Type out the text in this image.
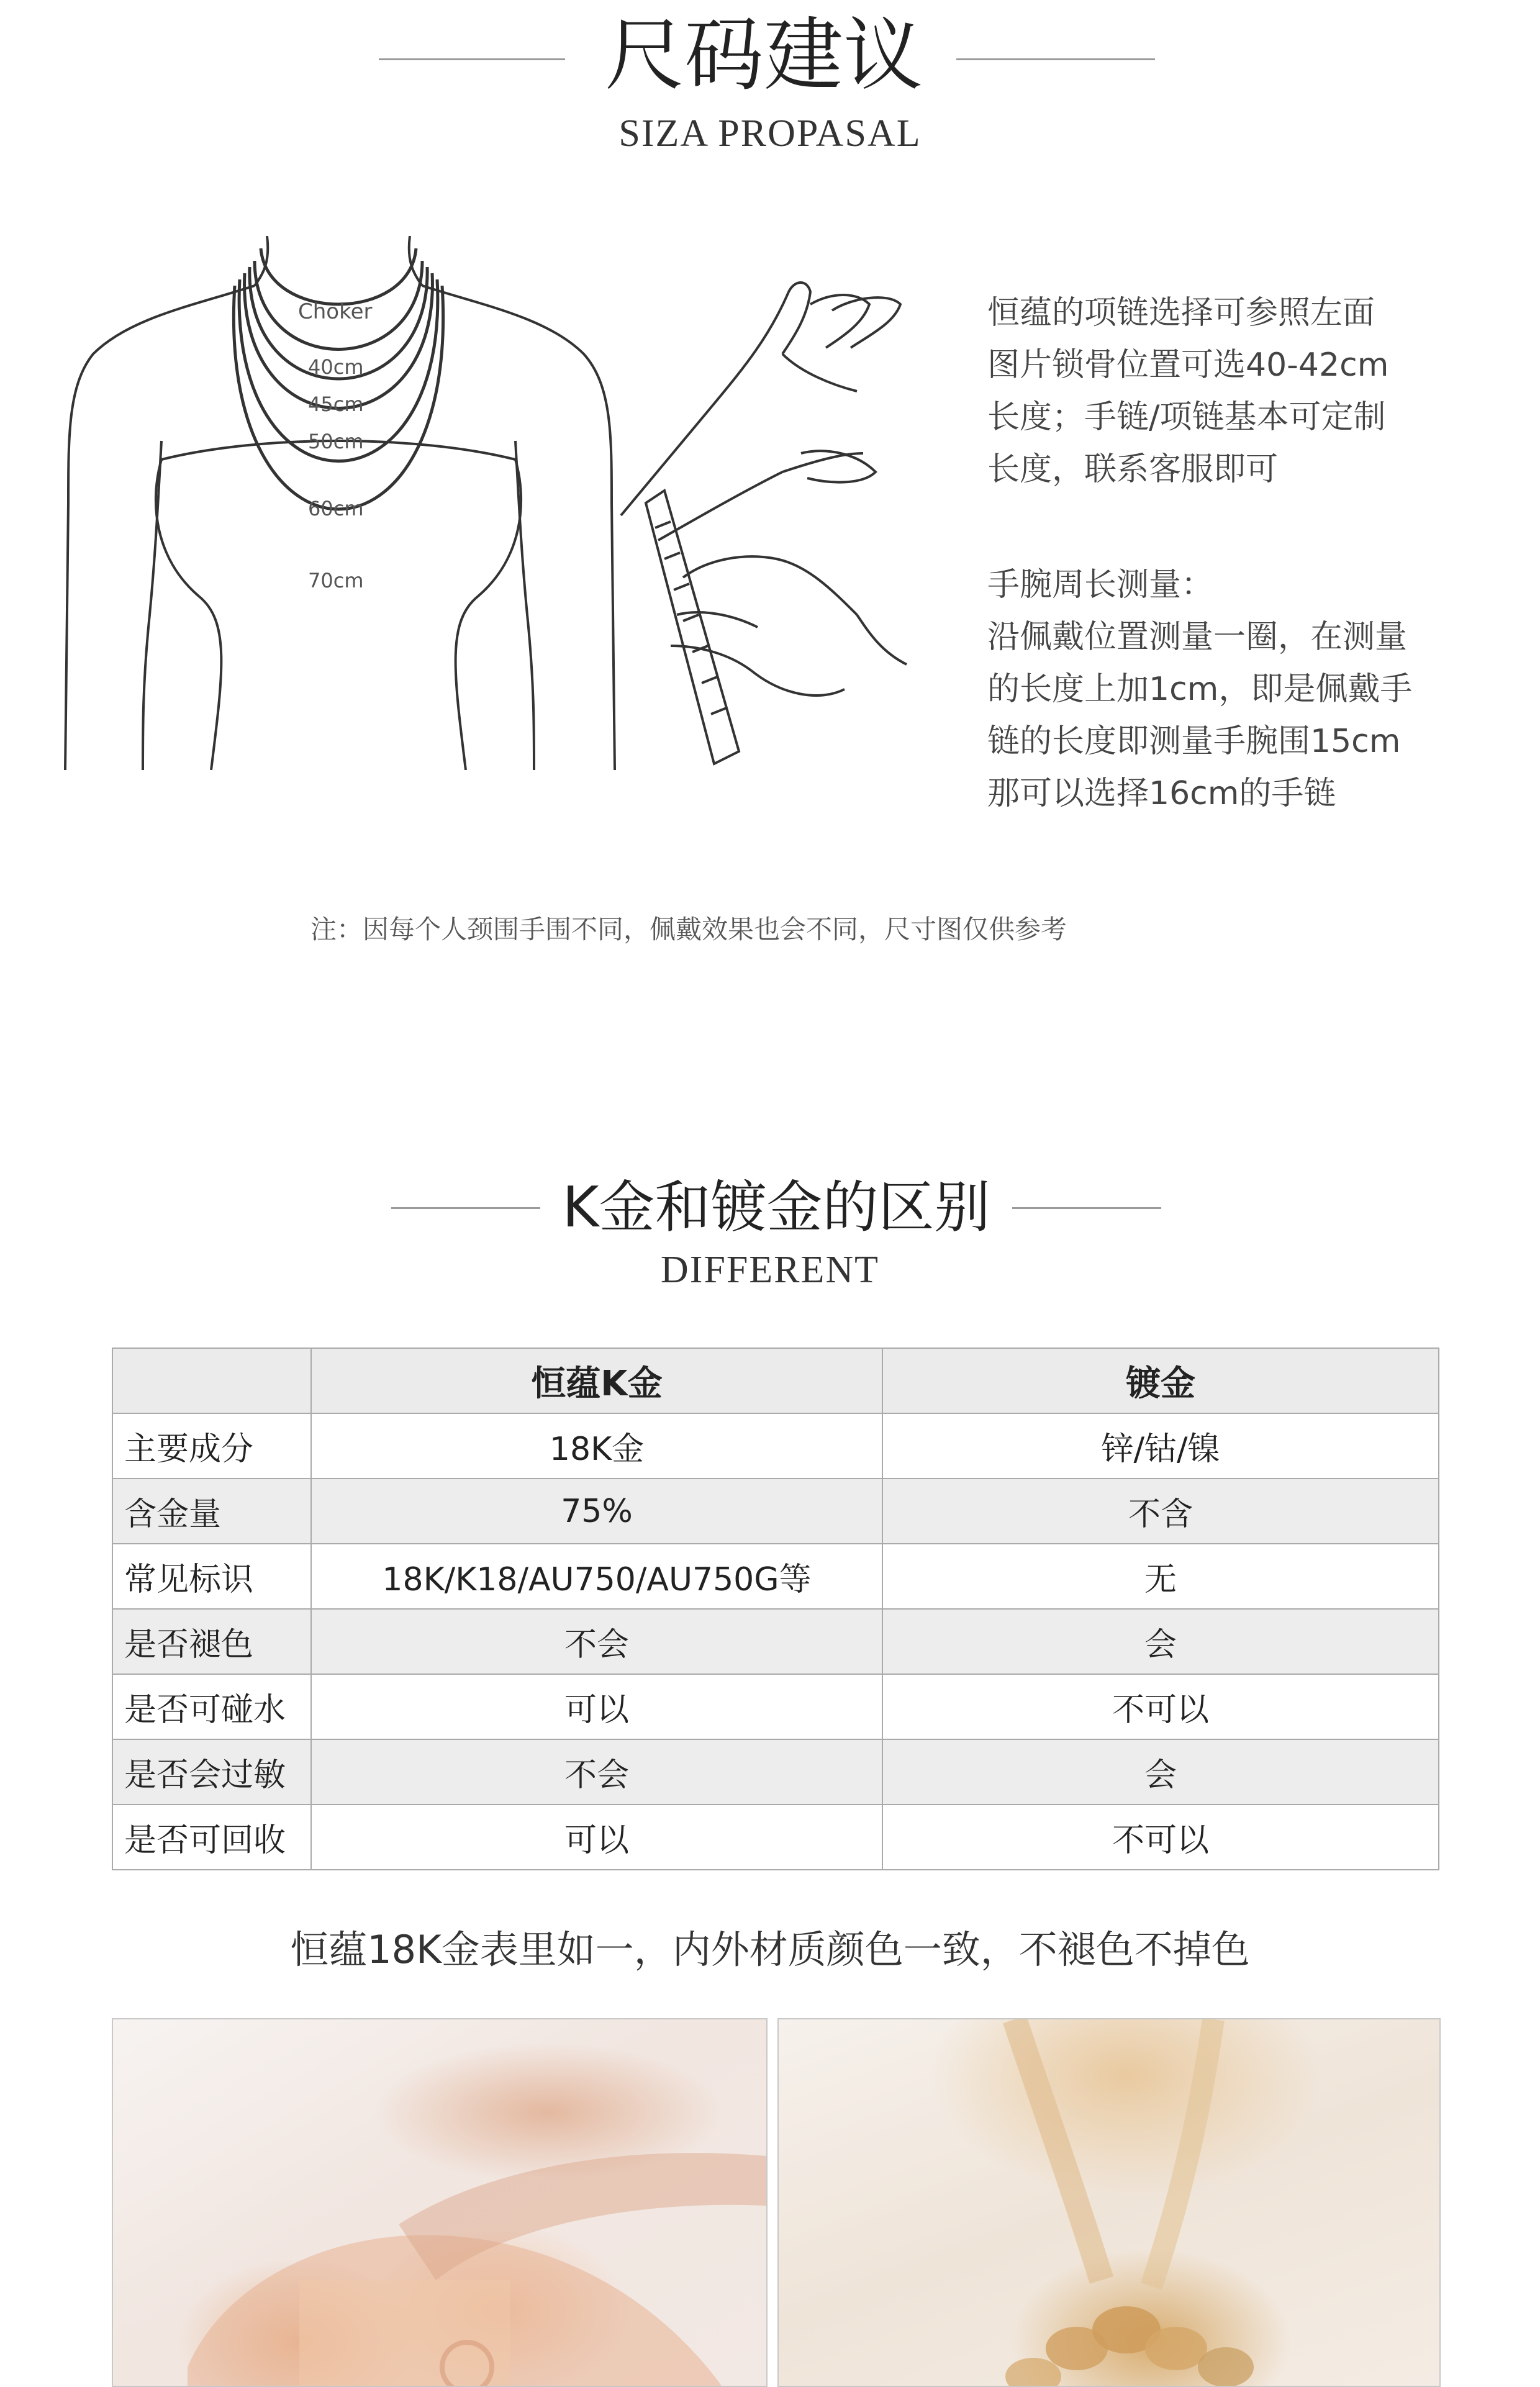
尺码建议
SIZA PROPASAL
Choker
40cm
45cm
50cm
60cm
70cm
恒蕴的项链选择可参照左面
图片锁骨位置可选40-42cm
长度；手链/项链基本可定制
长度，联系客服即可
手腕周长测量：
沿佩戴位置测量一圈，在测量
的长度上加1cm，即是佩戴手
链的长度即测量手腕围15cm
那可以选择16cm的手链
注：因每个人颈围手围不同，佩戴效果也会不同，尺寸图仅供参考
K金和镀金的区别
DIFFERENT
	恒蕴K金	镀金
主要成分	18K金	锌/钴/镍
含金量	75%	不含
常见标识	18K/K18/AU750/AU750G等	无
是否褪色	不会	会
是否可碰水	可以	不可以
是否会过敏	不会	会
是否可回收	可以	不可以
恒蕴18K金表里如一，内外材质颜色一致，不褪色不掉色
